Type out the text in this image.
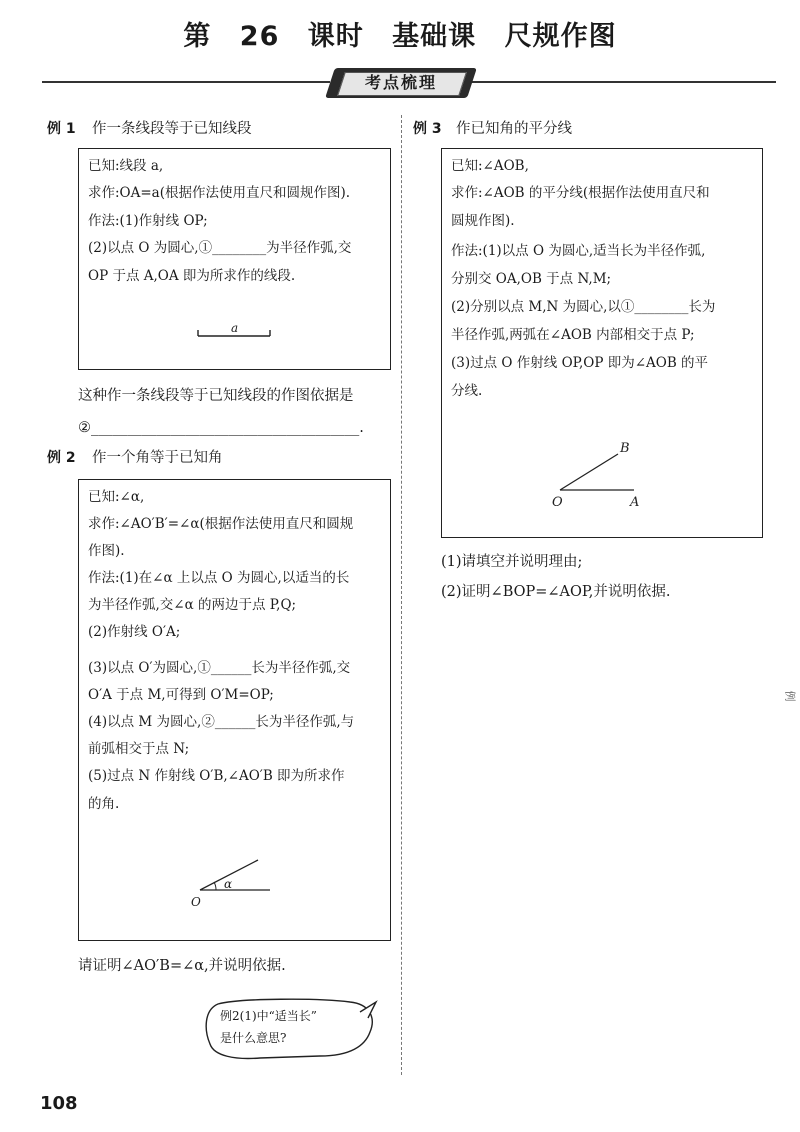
第 26 课时 基础课 尺规作图
考点梳理
例 1 作一条线段等于已知线段
已知:线段 a,
求作:OA=a(根据作法使用直尺和圆规作图).
作法:(1)作射线 OP;
(2)以点 O 为圆心,①________为半径作弧,交
OP 于点 A,OA 即为所求作的线段.
a
这种作一条线段等于已知线段的作图依据是
②_____________________________________.
例 2 作一个角等于已知角
已知:∠α,
求作:∠AO′B′=∠α(根据作法使用直尺和圆规
作图).
作法:(1)在∠α 上以点 O 为圆心,以适当的长
为半径作弧,交∠α 的两边于点 P,Q;
(2)作射线 O′A;
(3)以点 O′为圆心,①______长为半径作弧,交
O′A 于点 M,可得到 O′M=OP;
(4)以点 M 为圆心,②______长为半径作弧,与
前弧相交于点 N;
(5)过点 N 作射线 O′B,∠AO′B 即为所求作
的角.
α
O
请证明∠AO′B=∠α,并说明依据.
例2(1)中“适当长”
是什么意思?
例 3 作已知角的平分线
已知:∠AOB,
求作:∠AOB 的平分线(根据作法使用直尺和
圆规作图).
作法:(1)以点 O 为圆心,适当长为半径作弧,
分别交 OA,OB 于点 N,M;
(2)分别以点 M,N 为圆心,以①________长为
半径作弧,两弧在∠AOB 内部相交于点 P;
(3)过点 O 作射线 OP,OP 即为∠AOB 的平
分线.
O	A
B
(1)请填空并说明理由;
(2)证明∠BOP=∠AOP,并说明依据.
例
108
